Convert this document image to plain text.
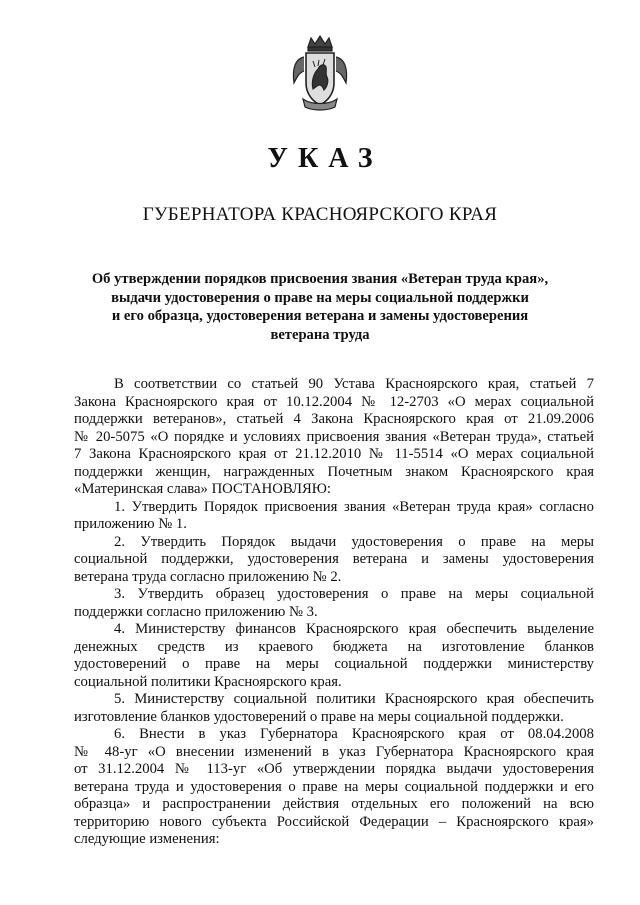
УКАЗ
ГУБЕРНАТОРА КРАСНОЯРСКОГО КРАЯ
Об утверждении порядков присвоения звания «Ветеран труда края»,
выдачи удостоверения о праве на меры социальной поддержки
и его образца, удостоверения ветерана и замены удостоверения
ветерана труда
В соответствии со статьей 90 Устава Красноярского края, статьей 7
Закона Красноярского края от 10.12.2004 № 12-2703 «О мерах социальной
поддержки ветеранов», статьей 4 Закона Красноярского края от 21.09.2006
№ 20-5075 «О порядке и условиях присвоения звания «Ветеран труда», статьей
7 Закона Красноярского края от 21.12.2010 № 11-5514 «О мерах социальной
поддержки женщин, награжденных Почетным знаком Красноярского края
«Материнская слава» ПОСТАНОВЛЯЮ:
1. Утвердить Порядок присвоения звания «Ветеран труда края» согласно
приложению № 1.
2. Утвердить Порядок выдачи удостоверения о праве на меры
социальной поддержки, удостоверения ветерана и замены удостоверения
ветерана труда согласно приложению № 2.
3. Утвердить образец удостоверения о праве на меры социальной
поддержки согласно приложению № 3.
4. Министерству финансов Красноярского края обеспечить выделение
денежных средств из краевого бюджета на изготовление бланков
удостоверений о праве на меры социальной поддержки министерству
социальной политики Красноярского края.
5. Министерству социальной политики Красноярского края обеспечить
изготовление бланков удостоверений о праве на меры социальной поддержки.
6. Внести в указ Губернатора Красноярского края от 08.04.2008
№ 48-уг «О внесении изменений в указ Губернатора Красноярского края
от 31.12.2004 № 113-уг «Об утверждении порядка выдачи удостоверения
ветерана труда и удостоверения о праве на меры социальной поддержки и его
образца» и распространении действия отдельных его положений на всю
территорию нового субъекта Российской Федерации – Красноярского края»
следующие изменения:
